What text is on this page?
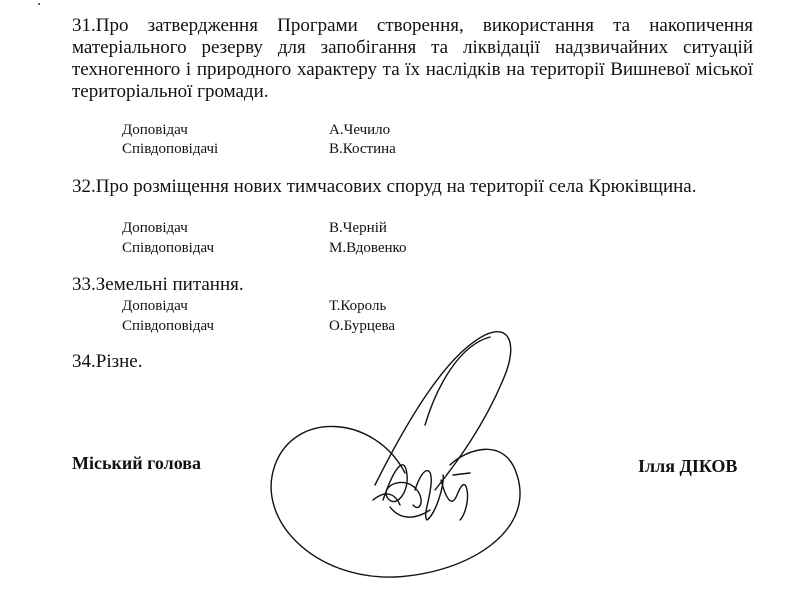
31.Про затвердження Програми створення, використання та накопичення матеріального резерву для запобігання та ліквідації надзвичайних ситуацій техногенного і природного характеру та їх наслідків на території Вишневої міської територіальної громади.

Доповідач	А.Чечило
Співдоповідачі	В.Костина

32.Про розміщення нових тимчасових споруд на території села Крюківщина.

Доповідач	В.Черній
Співдоповідач	М.Вдовенко

33.Земельні питання.

Доповідач	Т.Король
Співдоповідач	О.Бурцева

34.Різне.

Міський голова	Ілля ДІКОВ
